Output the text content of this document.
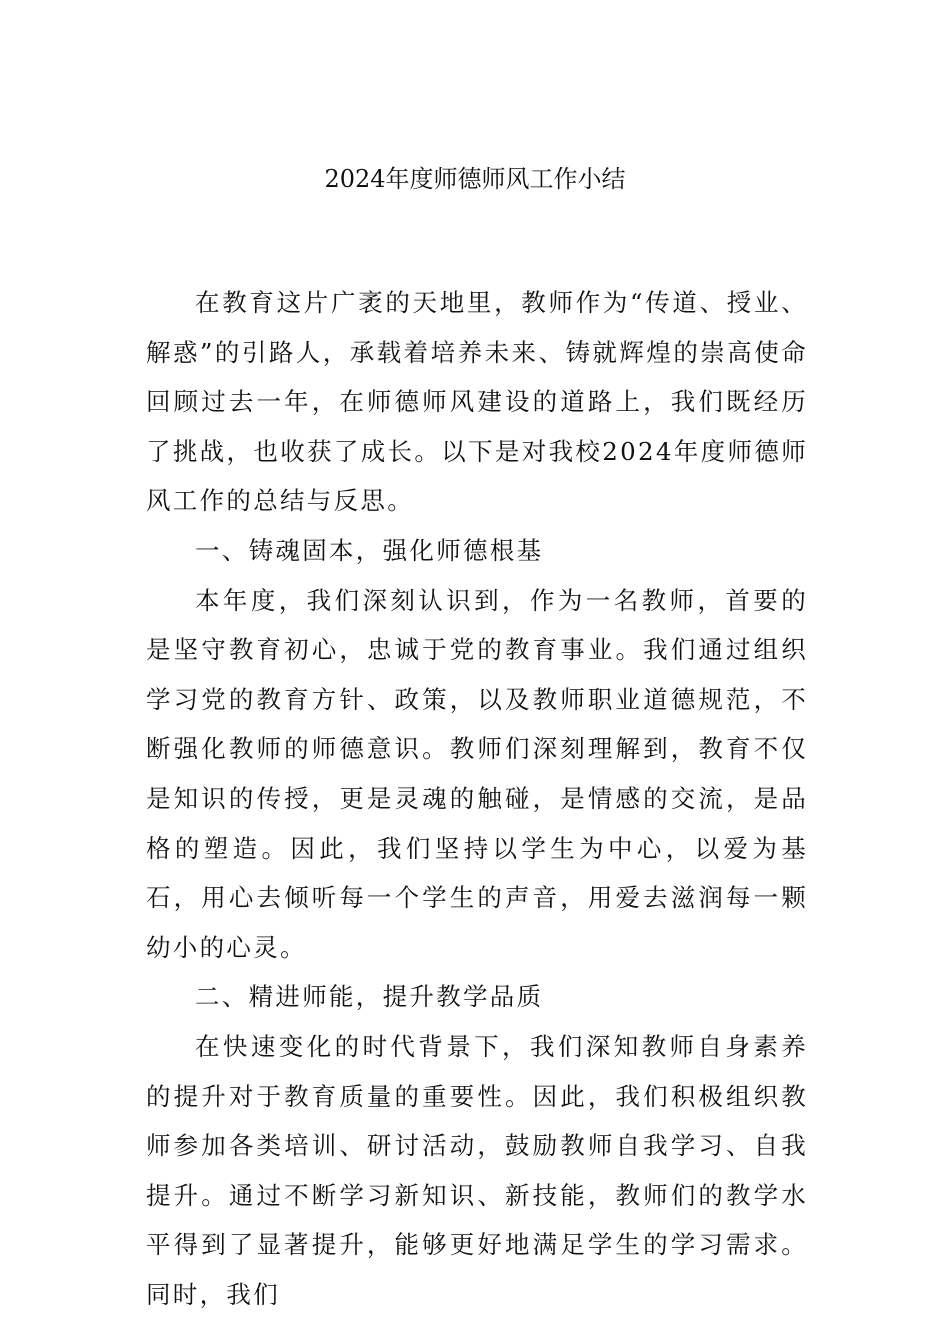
2024年度师德师风工作小结

在教育这片广袤的天地里，教师作为“传道、授业、解惑”的引路人，承载着培养未来、铸就辉煌的崇高使命回顾过去一年，在师德师风建设的道路上，我们既经历了挑战，也收获了成长。以下是对我校2024年度师德师风工作的总结与反思。

一、铸魂固本，强化师德根基

本年度，我们深刻认识到，作为一名教师，首要的是坚守教育初心，忠诚于党的教育事业。我们通过组织学习党的教育方针、政策，以及教师职业道德规范，不断强化教师的师德意识。教师们深刻理解到，教育不仅是知识的传授，更是灵魂的触碰，是情感的交流，是品格的塑造。因此，我们坚持以学生为中心，以爱为基石，用心去倾听每一个学生的声音，用爱去滋润每一颗幼小的心灵。

二、精进师能，提升教学品质

在快速变化的时代背景下，我们深知教师自身素养的提升对于教育质量的重要性。因此，我们积极组织教师参加各类培训、研讨活动，鼓励教师自我学习、自我提升。通过不断学习新知识、新技能，教师们的教学水平得到了显著提升，能够更好地满足学生的学习需求。同时，我们
